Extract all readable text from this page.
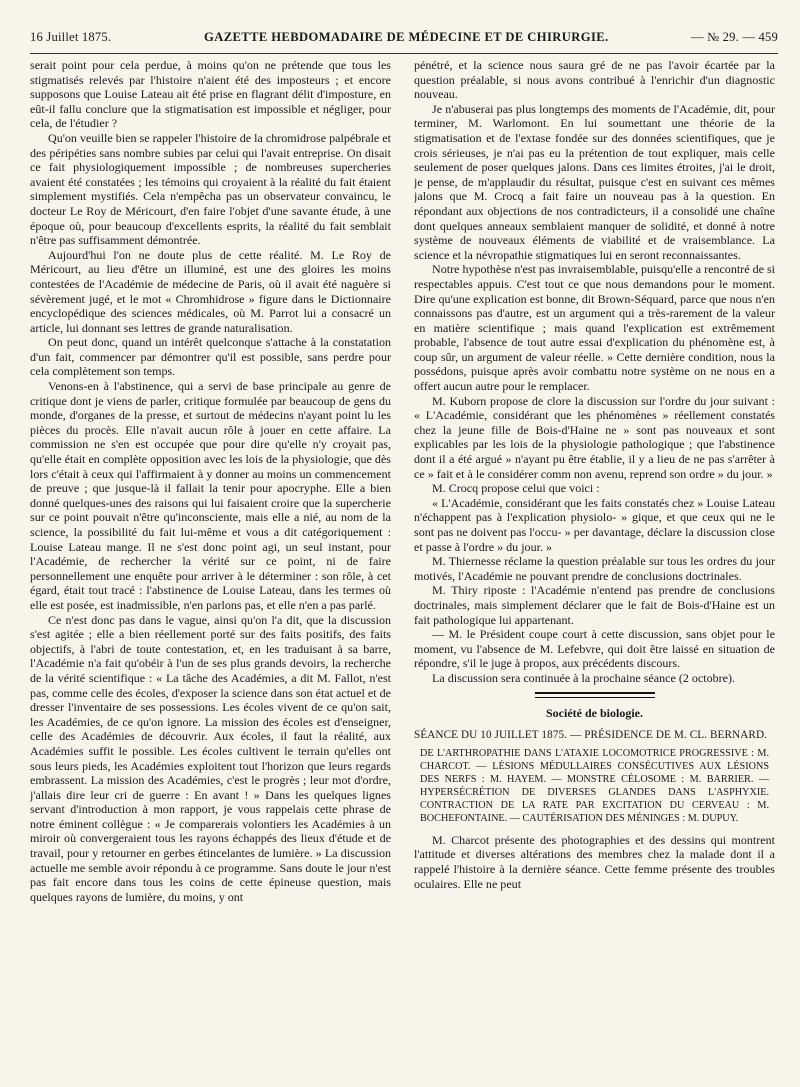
16 Juillet 1875.	GAZETTE HEBDOMADAIRE DE MÉDECINE ET DE CHIRURGIE.	— № 29. — 459

serait point pour cela perdue, à moins qu'on ne prétende que tous les stigmatisés relevés par l'histoire n'aient été des imposteurs ; et encore supposons que Louise Lateau ait été prise en flagrant délit d'imposture, en eût-il fallu conclure que la stigmatisation est impossible et négliger, pour cela, de l'étudier ?

Qu'on veuille bien se rappeler l'histoire de la chromidrose palpébrale et des péripéties sans nombre subies par celui qui l'avait entreprise. On disait ce fait physiologiquement impossible ; de nombreuses supercheries avaient été constatées ; les témoins qui croyaient à la réalité du fait étaient simplement mystifiés. Cela n'empêcha pas un observateur convaincu, le docteur Le Roy de Méricourt, d'en faire l'objet d'une savante étude, à une époque où, pour beaucoup d'excellents esprits, la réalité du fait semblait n'être pas suffisamment démontrée.

Aujourd'hui l'on ne doute plus de cette réalité. M. Le Roy de Méricourt, au lieu d'être un illuminé, est une des gloires les moins contestées de l'Académie de médecine de Paris, où il avait été naguère si sévèrement jugé, et le mot « Chromhidrose » figure dans le Dictionnaire encyclopédique des sciences médicales, où M. Parrot lui a consacré un article, lui donnant ses lettres de grande naturalisation.

On peut donc, quand un intérêt quelconque s'attache à la constatation d'un fait, commencer par démontrer qu'il est possible, sans perdre pour cela complètement son temps.

Venons-en à l'abstinence, qui a servi de base principale au genre de critique dont je viens de parler, critique formulée par beaucoup de gens du monde, d'organes de la presse, et surtout de médecins n'ayant point lu les pièces du procès. Elle n'avait aucun rôle à jouer en cette affaire. La commission ne s'en est occupée que pour dire qu'elle n'y croyait pas, qu'elle était en complète opposition avec les lois de la physiologie, que dès lors c'était à ceux qui l'affirmaient à y donner au moins un commencement de preuve ; que jusque-là il fallait la tenir pour apocryphe. Elle a bien donné quelques-unes des raisons qui lui faisaient croire que la supercherie sur ce point pouvait n'être qu'inconsciente, mais elle a nié, au nom de la science, la possibilité du fait lui-même et vous a dit catégoriquement : Louise Lateau mange. Il ne s'est donc point agi, un seul instant, pour l'Académie, de rechercher la vérité sur ce point, ni de faire personnellement une enquête pour arriver à le déterminer : son rôle, à cet égard, était tout tracé : l'abstinence de Louise Lateau, dans les termes où elle est posée, est inadmissible, n'en parlons pas, et elle n'en a pas parlé.

Ce n'est donc pas dans le vague, ainsi qu'on l'a dit, que la discussion s'est agitée ; elle a bien réellement porté sur des faits positifs, des faits objectifs, à l'abri de toute contestation, et, en les traduisant à sa barre, l'Académie n'a fait qu'obéir à l'un de ses plus grands devoirs, la recherche de la vérité scientifique : « La tâche des Académies, a dit M. Fallot, n'est pas, comme celle des écoles, d'exposer la science dans son état actuel et de dresser l'inventaire de ses possessions. Les écoles vivent de ce qu'on sait, les Académies, de ce qu'on ignore. La mission des écoles est d'enseigner, celle des Académies de découvrir. Aux écoles, il faut la réalité, aux Académies suffit le possible. Les écoles cultivent le terrain qu'elles ont sous leurs pieds, les Académies exploitent tout l'horizon que leurs regards embrassent. La mission des Académies, c'est le progrès ; leur mot d'ordre, j'allais dire leur cri de guerre : En avant ! » Dans les quelques lignes servant d'introduction à mon rapport, je vous rappelais cette phrase de notre éminent collègue : « Je comparerais volontiers les Académies à un miroir où convergeraient tous les rayons échappés des lieux d'étude et de travail, pour y retourner en gerbes étincelantes de lumière. » La discussion actuelle me semble avoir répondu à ce programme. Sans doute le jour n'est pas fait encore dans tous les coins de cette épineuse question, mais quelques rayons de lumière, du moins, y ont

pénétré, et la science nous saura gré de ne pas l'avoir écartée par la question préalable, si nous avons contribué à l'enrichir d'un diagnostic nouveau.

Je n'abuserai pas plus longtemps des moments de l'Académie, dit, pour terminer, M. Warlomont. En lui soumettant une théorie de la stigmatisation et de l'extase fondée sur des données scientifiques, que je crois sérieuses, je n'ai pas eu la prétention de tout expliquer, mais celle seulement de poser quelques jalons. Dans ces limites étroites, j'ai le droit, je pense, de m'applaudir du résultat, puisque c'est en suivant ces mêmes jalons que M. Crocq a fait faire un nouveau pas à la question. En répondant aux objections de nos contradicteurs, il a consolidé une chaîne dont quelques anneaux semblaient manquer de solidité, et donné à notre système de nouveaux éléments de viabilité et de vraisemblance. La science et la névropathie stigmatiques lui en seront reconnaissantes.

Notre hypothèse n'est pas invraisemblable, puisqu'elle a rencontré de si respectables appuis. C'est tout ce que nous demandons pour le moment. Dire qu'une explication est bonne, dit Brown-Séquard, parce que nous n'en connaissons pas d'autre, est un argument qui a très-rarement de la valeur en matière scientifique ; mais quand l'explication est extrêmement probable, l'absence de tout autre essai d'explication du phénomène est, à coup sûr, un argument de valeur réelle. » Cette dernière condition, nous la possédons, puisque après avoir combattu notre système on ne nous en a offert aucun autre pour le remplacer.

M. Kuborn propose de clore la discussion sur l'ordre du jour suivant : « L'Académie, considérant que les phénomènes » réellement constatés chez la jeune fille de Bois-d'Haine ne » sont pas nouveaux et sont explicables par les lois de la physiologie pathologique ; que l'abstinence dont il a été argué » n'ayant pu être établie, il y a lieu de ne pas s'arrêter à ce » fait et à le considérer comm non avenu, reprend son ordre » du jour. »

M. Crocq propose celui que voici :

« L'Académie, considérant que les faits constatés chez » Louise Lateau n'échappent pas à l'explication physiolo- » gique, et que ceux qui ne le sont pas ne doivent pas l'occu- » per davantage, déclare la discussion close et passe à l'ordre » du jour. »

M. Thiernesse réclame la question préalable sur tous les ordres du jour motivés, l'Académie ne pouvant prendre de conclusions doctrinales.

M. Thiry riposte : l'Académie n'entend pas prendre de conclusions doctrinales, mais simplement déclarer que le fait de Bois-d'Haine est un fait pathologique lui appartenant.

— M. le Président coupe court à cette discussion, sans objet pour le moment, vu l'absence de M. Lefebvre, qui doit être laissé en situation de répondre, s'il le juge à propos, aux précédents discours.

La discussion sera continuée à la prochaine séance (2 octobre).

Société de biologie.

SÉANCE DU 10 JUILLET 1875. — PRÉSIDENCE DE M. CL. BERNARD.

DE L'ARTHROPATHIE DANS L'ATAXIE LOCOMOTRICE PROGRESSIVE : M. CHARCOT. — LÉSIONS MÉDULLAIRES CONSÉCUTIVES AUX LÉSIONS DES NERFS : M. HAYEM. — MONSTRE CÉLOSOME : M. BARRIER. — HYPERSÉCRÉTION DE DIVERSES GLANDES DANS L'ASPHYXIE. CONTRACTION DE LA RATE PAR EXCITATION DU CERVEAU : M. BOCHEFONTAINE. — CAUTÉRISATION DES MÉNINGES : M. DUPUY.

M. Charcot présente des photographies et des dessins qui montrent l'attitude et diverses altérations des membres chez la malade dont il a rappelé l'histoire à la dernière séance. Cette femme présente des troubles oculaires. Elle ne peut
